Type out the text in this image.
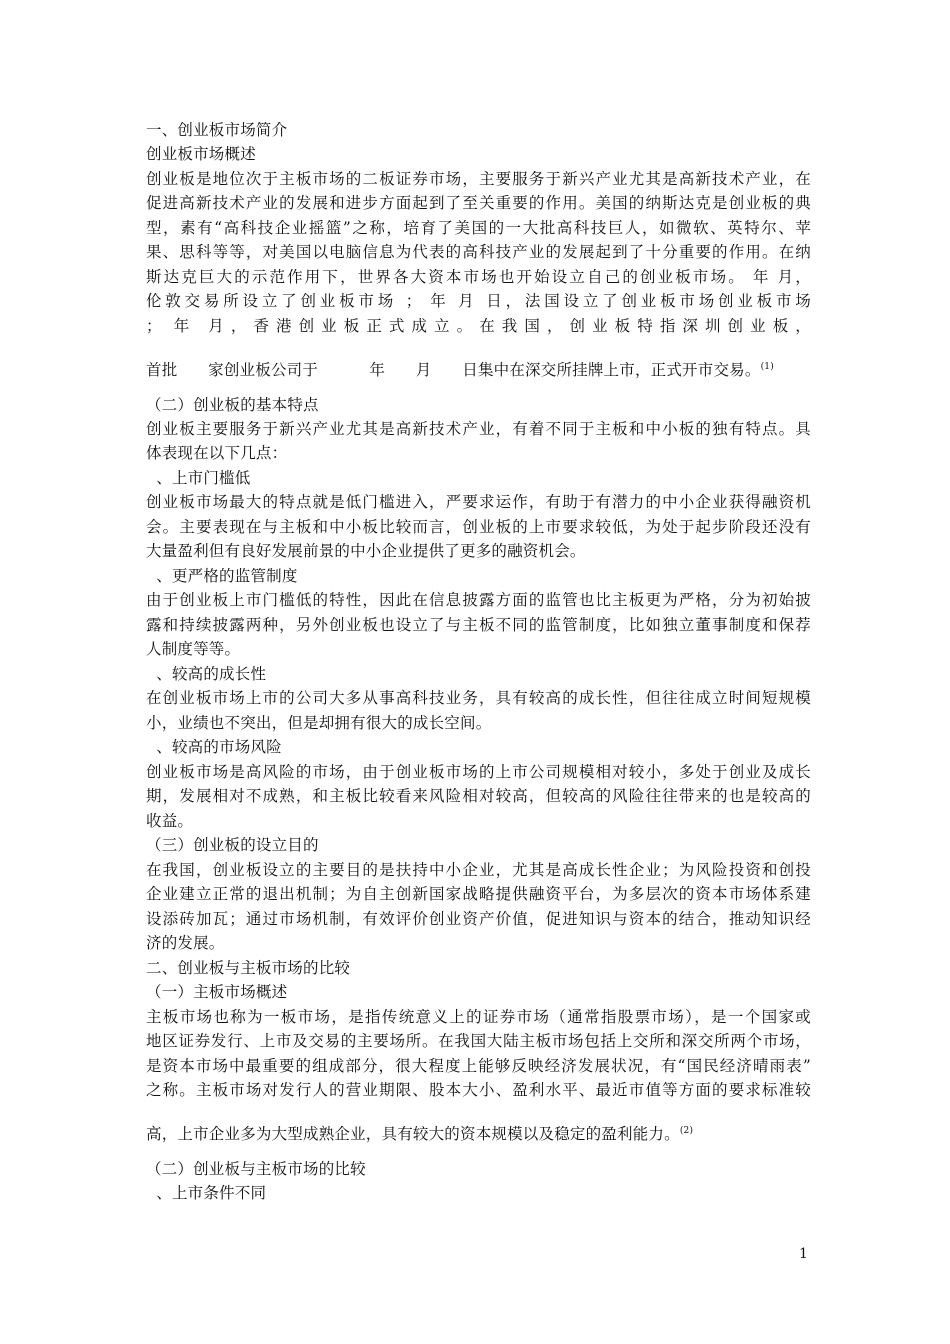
一、创业板市场简介
创业板市场概述
创业板是地位次于主板市场的二板证券市场，主要服务于新兴产业尤其是高新技术产业，在
促进高新技术产业的发展和进步方面起到了至关重要的作用。美国的纳斯达克是创业板的典
型，素有“高科技企业摇篮”之称，培育了美国的一大批高科技巨人，如微软、英特尔、苹
果、思科等等，对美国以电脑信息为代表的高科技产业的发展起到了十分重要的作用。在纳
斯达克巨大的示范作用下，世界各大资本市场也开始设立自己的创业板市场。 年 月，
伦敦交易所设立了创业板市场 ； 年 月 日，法国设立了创业板市场创业板市场
； 年 月，香港创业板正式成立。在我国，创业板特指深圳创业板，
首批      家创业板公司于          年      月      日集中在深交所挂牌上市，正式开市交易。$^{(1)}$
（二）创业板的基本特点
创业板主要服务于新兴产业尤其是高新技术产业，有着不同于主板和中小板的独有特点。具
体表现在以下几点：
、上市门槛低
创业板市场最大的特点就是低门槛进入，严要求运作，有助于有潜力的中小企业获得融资机
会。主要表现在与主板和中小板比较而言，创业板的上市要求较低，为处于起步阶段还没有
大量盈利但有良好发展前景的中小企业提供了更多的融资机会。
、更严格的监管制度
由于创业板上市门槛低的特性，因此在信息披露方面的监管也比主板更为严格，分为初始披
露和持续披露两种，另外创业板也设立了与主板不同的监管制度，比如独立董事制度和保荐
人制度等等。
、较高的成长性
在创业板市场上市的公司大多从事高科技业务，具有较高的成长性，但往往成立时间短规模
小，业绩也不突出，但是却拥有很大的成长空间。
、较高的市场风险
创业板市场是高风险的市场，由于创业板市场的上市公司规模相对较小，多处于创业及成长
期，发展相对不成熟，和主板比较看来风险相对较高，但较高的风险往往带来的也是较高的
收益。
（三）创业板的设立目的
在我国，创业板设立的主要目的是扶持中小企业，尤其是高成长性企业；为风险投资和创投
企业建立正常的退出机制；为自主创新国家战略提供融资平台，为多层次的资本市场体系建
设添砖加瓦；通过市场机制，有效评价创业资产价值，促进知识与资本的结合，推动知识经
济的发展。
二、创业板与主板市场的比较
（一）主板市场概述
主板市场也称为一板市场，是指传统意义上的证券市场（通常指股票市场），是一个国家或
地区证券发行、上市及交易的主要场所。在我国大陆主板市场包括上交所和深交所两个市场，
是资本市场中最重要的组成部分，很大程度上能够反映经济发展状况，有“国民经济晴雨表”
之称。主板市场对发行人的营业期限、股本大小、盈利水平、最近市值等方面的要求标准较
高，上市企业多为大型成熟企业，具有较大的资本规模以及稳定的盈利能力。$^{(2)}$
（二）创业板与主板市场的比较
、上市条件不同
1
